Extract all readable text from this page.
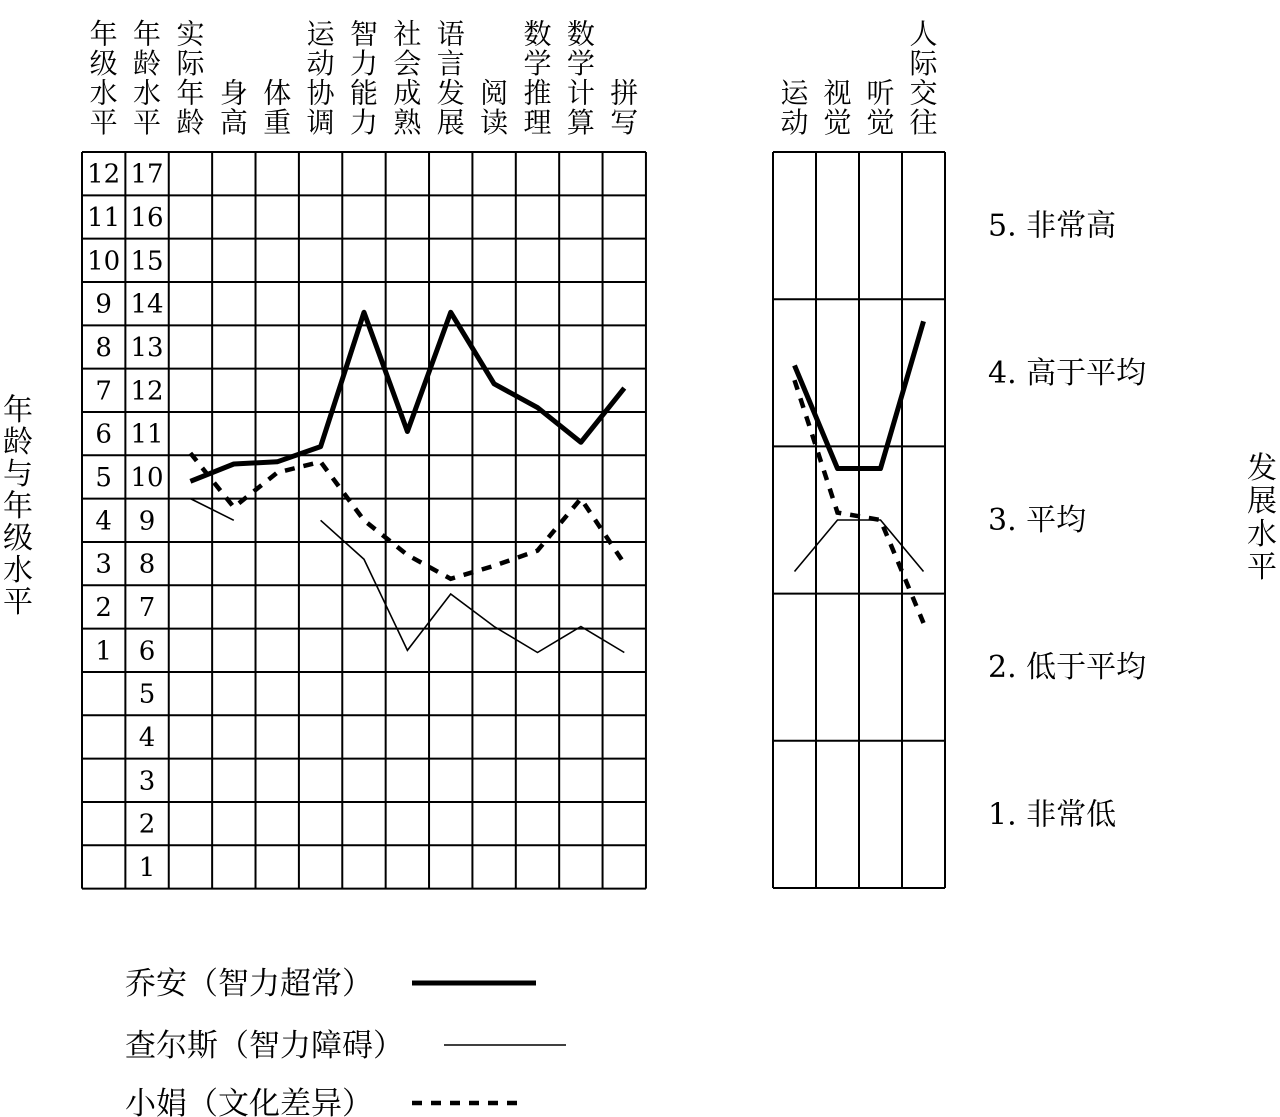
年级水平
年龄水平
实际年龄
身高
体重
运动协调
智力能力
社会成熟
语言发展
阅读
数学推理
数学计算
拼写
12
11
10
9
8
7
6
5
4
3
2
1
17
16
15
14
13
12
11
10
9
8
7
6
5
4
3
2
1
年龄与年级水平
运动
视觉
听觉
人际交往
5. 非常高
4. 高于平均
3. 平均
2. 低于平均
1. 非常低
发展水平
乔安（智力超常）
查尔斯（智力障碍）
小娟（文化差异）
